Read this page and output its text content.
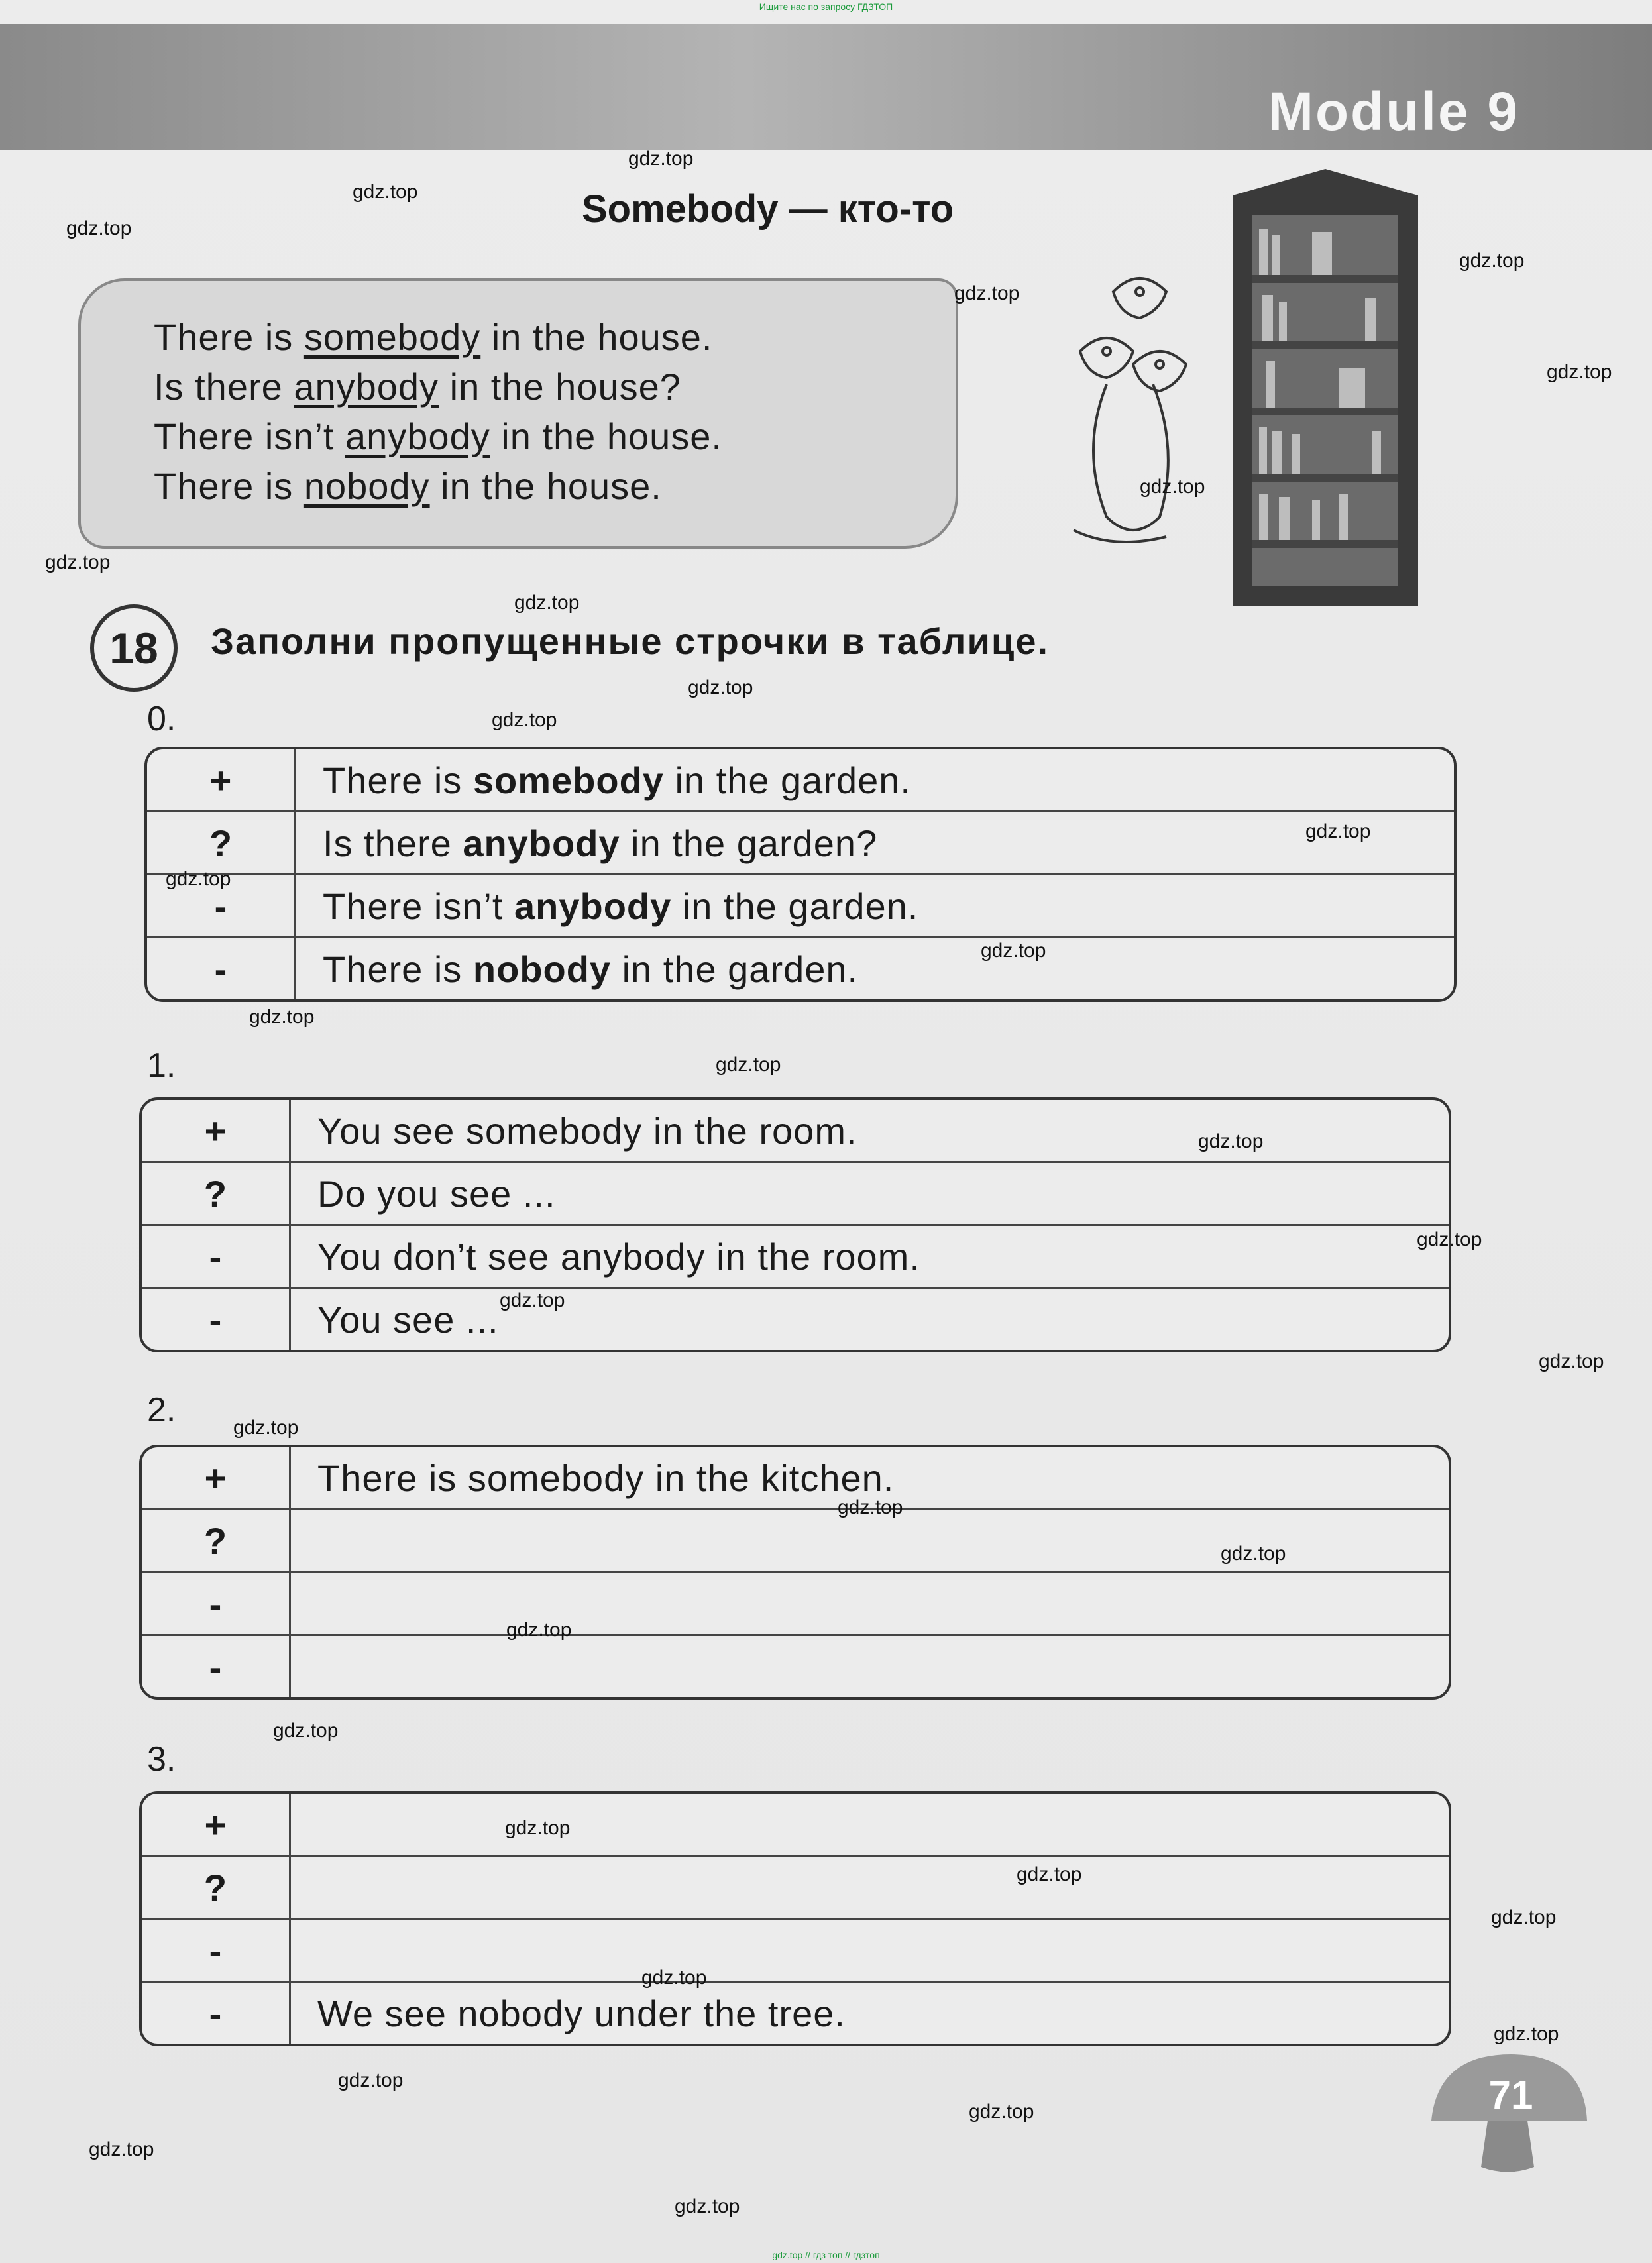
Ищите нас по запросу ГДЗТОП
Module 9
Somebody — кто-то
There is somebody in the house.
Is there anybody in the house?
There isn’t anybody in the house.
There is nobody in the house.
18	Заполни пропущенные строчки в таблице.
0.
+	There is somebody in the garden.
?	Is there anybody in the garden?
-	There isn’t anybody in the garden.
-	There is nobody in the garden.
1.
+	You see somebody in the room.
?	Do you see ...
-	You don’t see anybody in the room.
-	You see ...
2.
+	There is somebody in the kitchen.
?	
-	
-	
3.
+	
?	
-	
-	We see nobody under the tree.
71
gdz.top
gdz.top
gdz.top
gdz.top
gdz.top
gdz.top
gdz.top
gdz.top
gdz.top
gdz.top
gdz.top
gdz.top
gdz.top
gdz.top
gdz.top
gdz.top
gdz.top
gdz.top
gdz.top
gdz.top
gdz.top
gdz.top
gdz.top
gdz.top
gdz.top
gdz.top
gdz.top
gdz.top
gdz.top
gdz.top
gdz.top
gdz.top
gdz.top
gdz.top
gdz.top // гдз топ // гдзтоп
